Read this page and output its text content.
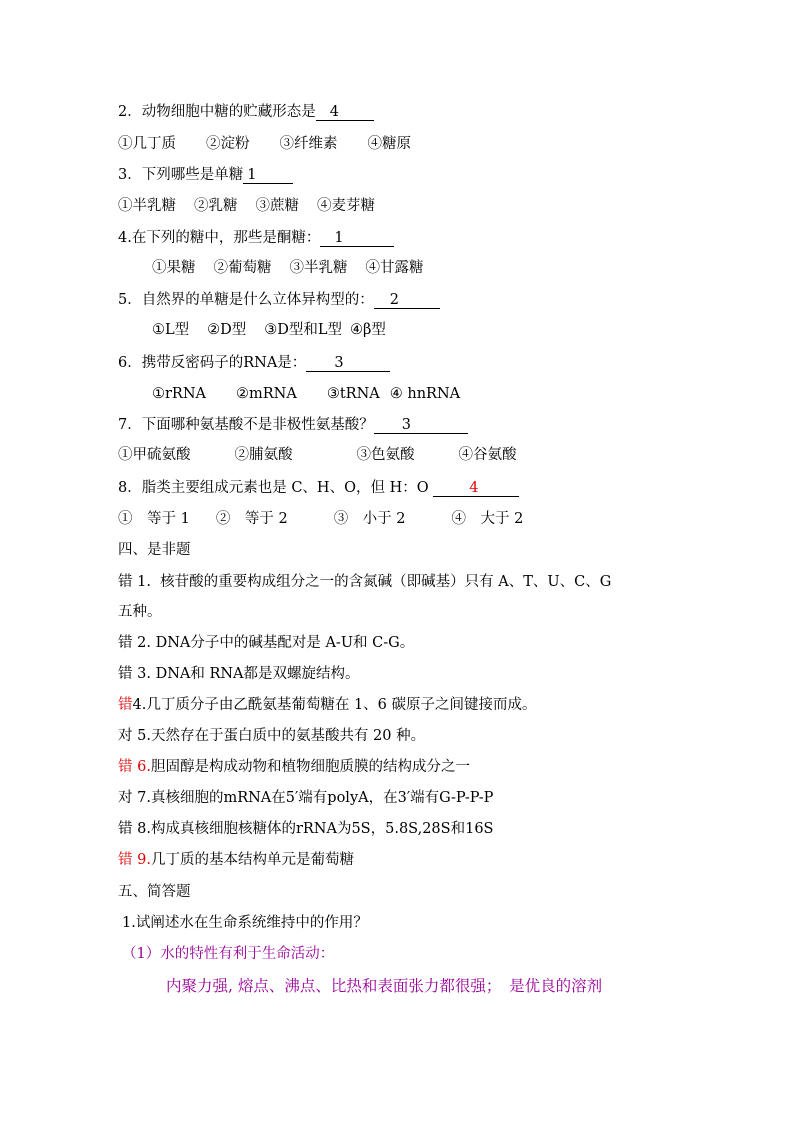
2．动物细胞中糖的贮藏形态是 4
①几丁质 ②淀粉 ③纤维素 ④糖原
3．下列哪些是单糖 1
①半乳糖 ②乳糖 ③蔗糖 ④麦芽糖
4.在下列的糖中，那些是酮糖： 1
①果糖 ②葡萄糖 ③半乳糖 ④甘露糖
5．自然界的单糖是什么立体异构型的： 2
①L型 ②D型 ③D型和L型 ④β型
6．携带反密码子的RNA是： 3
①rRNA ②mRNA ③tRNA ④ hnRNA
7．下面哪种氨基酸不是非极性氨基酸？ 3
①甲硫氨酸	②脯氨酸	③色氨酸	④谷氨酸
8．脂类主要组成元素也是 C、H、O，但 H：O	4
①　等于 1 ②　等于 2	③　小于 2	④　大于 2
四、是非题
错 1. 核苷酸的重要构成组分之一的含氮碱（即碱基）只有 A、T、U、C、G
五种。
错 2. DNA分子中的碱基配对是 A-U和 C-G。
错 3. DNA和 RNA都是双螺旋结构。
错4.几丁质分子由乙酰氨基葡萄糖在 1、6 碳原子之间键接而成。
对 5.天然存在于蛋白质中的氨基酸共有 20 种。
错 6.胆固醇是构成动物和植物细胞质膜的结构成分之一
对 7.真核细胞的mRNA在5′端有polyA，在3′端有G-P-P-P
错 8.构成真核细胞核糖体的rRNA为5S，5.8S,28S和16S
错 9.几丁质的基本结构单元是葡萄糖
五、简答题
1.试阐述水在生命系统维持中的作用？
（1）水的特性有利于生命活动：
内聚力强, 熔点、沸点、比热和表面张力都很强；　是优良的溶剂
